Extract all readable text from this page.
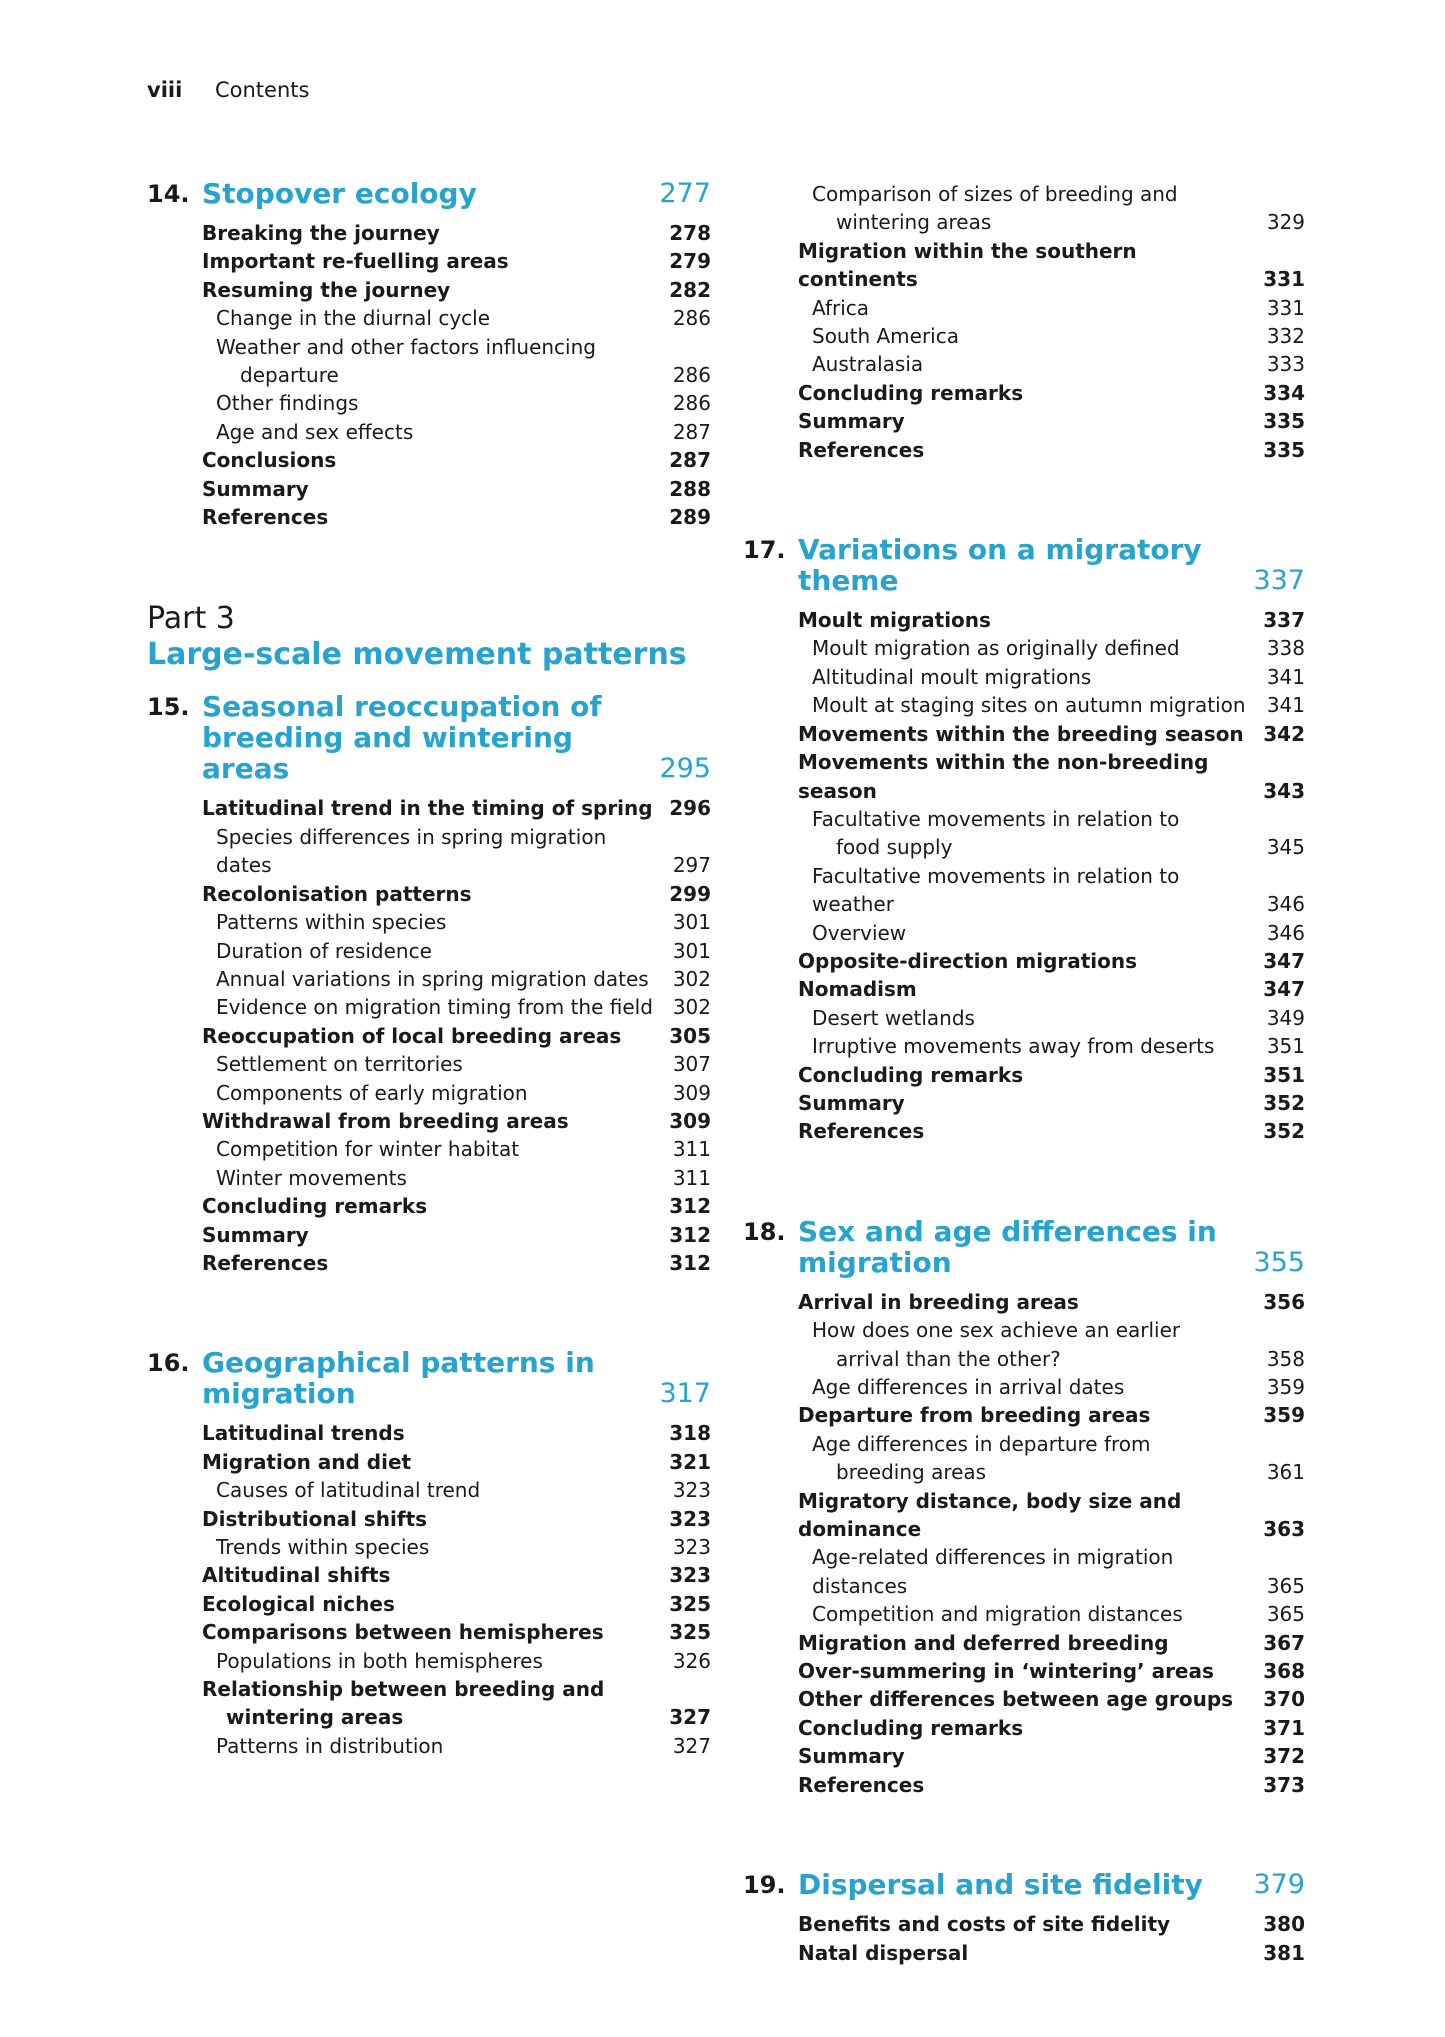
viii Contents
14. Stopover ecology	277
Breaking the journey	278
Important re-fuelling areas	279
Resuming the journey	282
Change in the diurnal cycle	286
Weather and other factors influencing
departure	286
Other findings	286
Age and sex effects	287
Conclusions	287
Summary	288
References	289
Part 3
Large-scale movement patterns
15. Seasonal reoccupation of
breeding and wintering areas	295
Latitudinal trend in the timing of spring 296
Species differences in spring migration dates	297
Recolonisation patterns	299
Patterns within species	301
Duration of residence	301
Annual variations in spring migration dates 302
Evidence on migration timing from the field 302
Reoccupation of local breeding areas 305
Settlement on territories	307
Components of early migration	309
Withdrawal from breeding areas	309
Competition for winter habitat	311
Winter movements	311
Concluding remarks	312
Summary	312
References	312
16. Geographical patterns in
migration	317
Latitudinal trends	318
Migration and diet	321
Causes of latitudinal trend	323
Distributional shifts	323
Trends within species	323
Altitudinal shifts	323
Ecological niches	325
Comparisons between hemispheres	325
Populations in both hemispheres	326
Relationship between breeding and
wintering areas	327
Patterns in distribution	327
Comparison of sizes of breeding and
wintering areas	329
Migration within the southern continents	331
Africa	331
South America	332
Australasia	333
Concluding remarks	334
Summary	335
References	335
17. Variations on a migratory theme	337
Moult migrations	337
Moult migration as originally defined	338
Altitudinal moult migrations	341
Moult at staging sites on autumn migration 341
Movements within the breeding season 342
Movements within the non-breeding season	343
Facultative movements in relation to
food supply	345
Facultative movements in relation to weather	346
Overview	346
Opposite-direction migrations	347
Nomadism	347
Desert wetlands	349
Irruptive movements away from deserts	351
Concluding remarks	351
Summary	352
References	352
18. Sex and age differences in
migration	355
Arrival in breeding areas	356
How does one sex achieve an earlier
arrival than the other?	358
Age differences in arrival dates	359
Departure from breeding areas	359
Age differences in departure from
breeding areas	361
Migratory distance, body size and dominance	363
Age-related differences in migration distances	365
Competition and migration distances	365
Migration and deferred breeding	367
Over-summering in ‘wintering’ areas 368
Other differences between age groups 370
Concluding remarks	371
Summary	372
References	373
19. Dispersal and site fidelity	379
Benefits and costs of site fidelity	380
Natal dispersal	381
